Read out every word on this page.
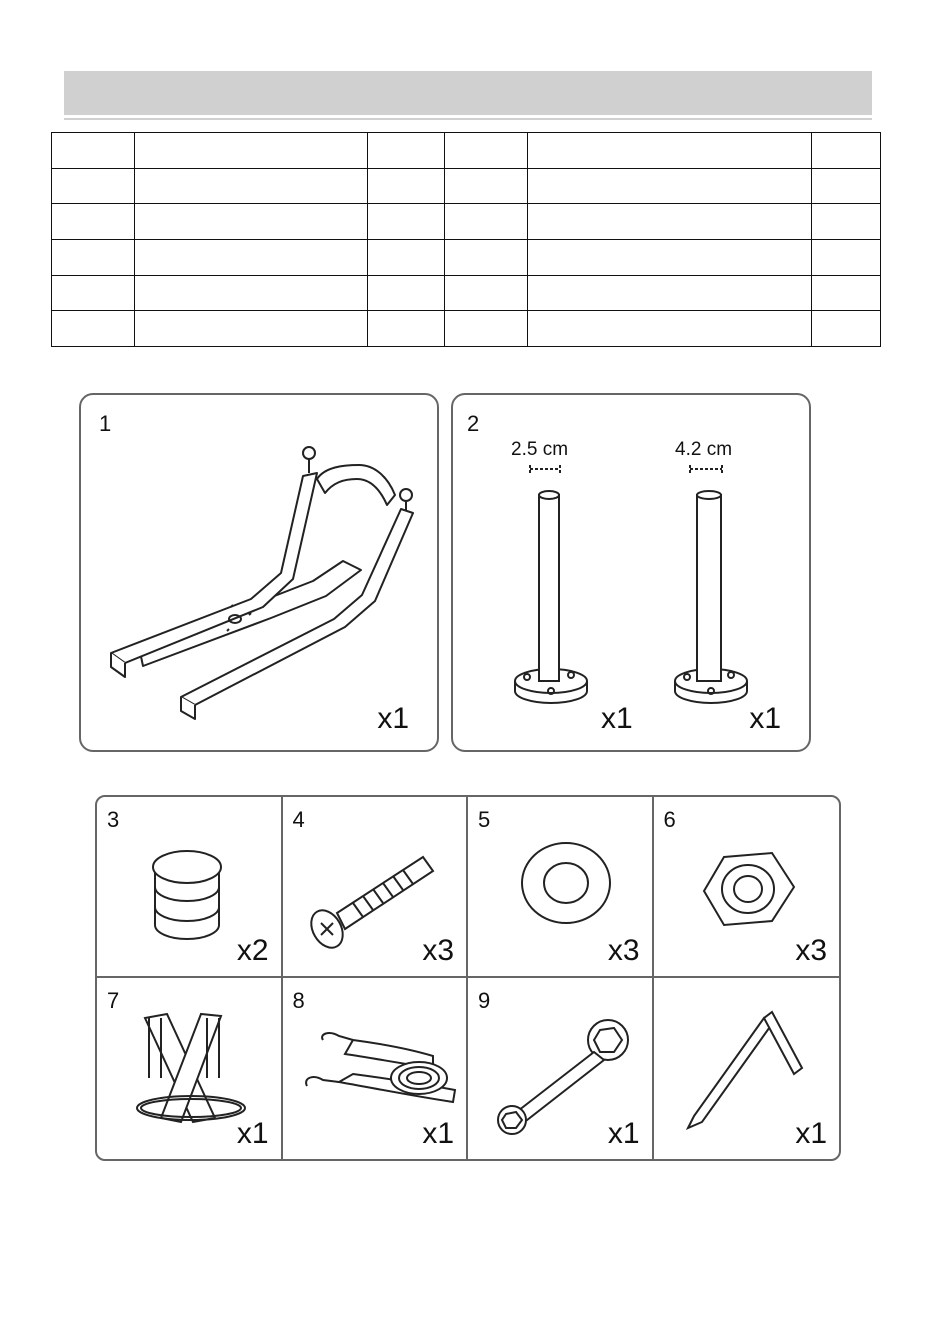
1
x1
2
2.5 cm	4.2 cm
x1	x1
3
x2
4
x3
5
x3
6
x3
7
x1
8
x1
9
x1	x1
